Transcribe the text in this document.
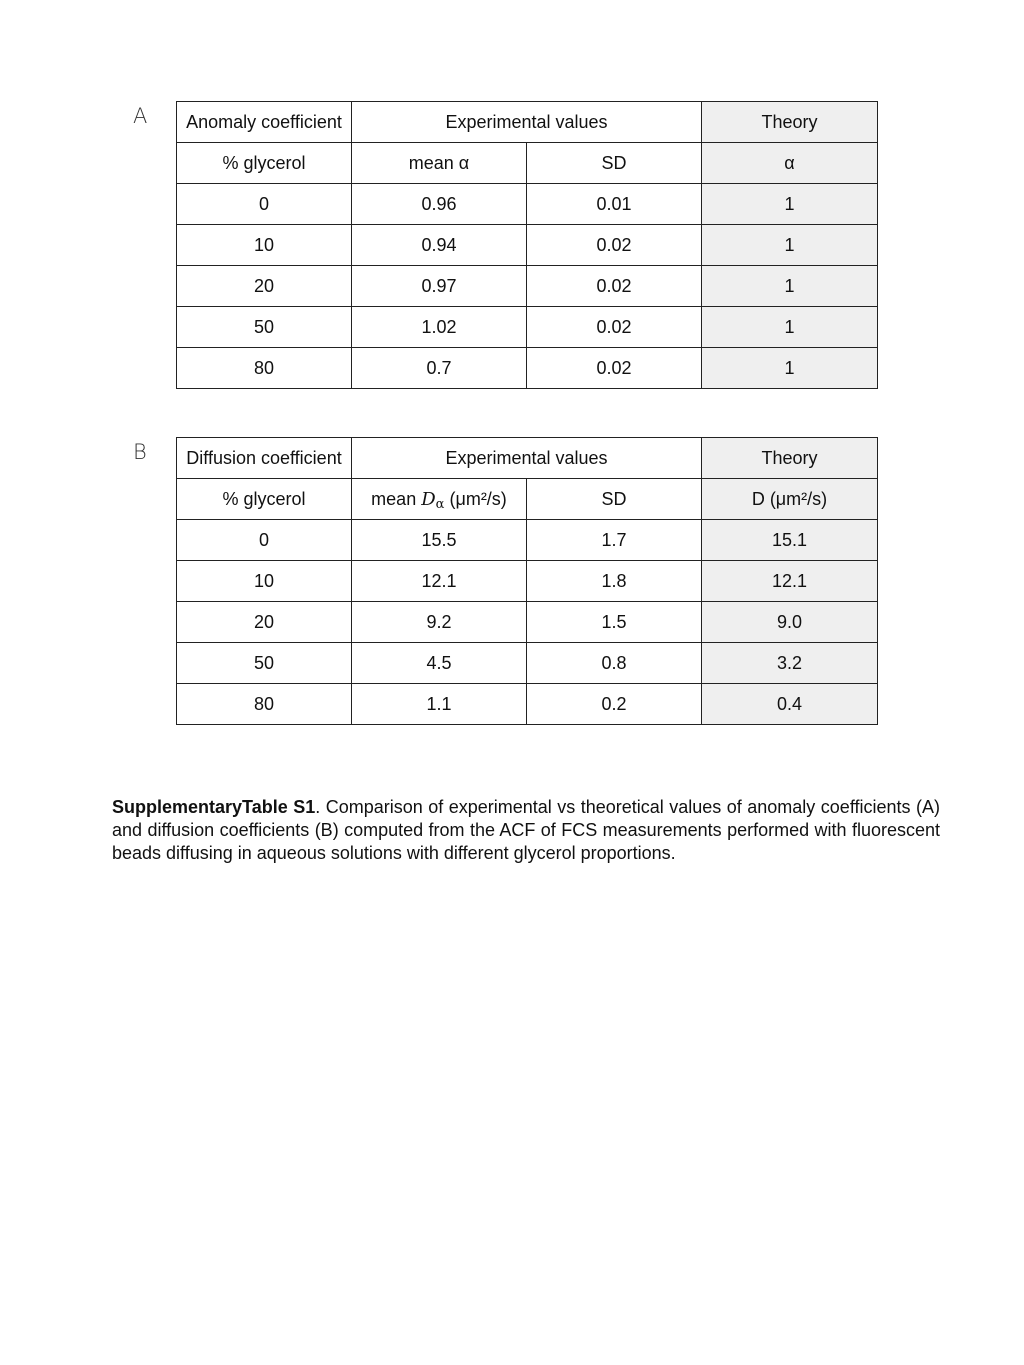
A Anomaly coefficient	Experimental values		Theory
% glycerol	mean α	SD	α
0	0.96	0.01	1
10	0.94	0.02	1
20	0.97	0.02	1
50	1.02	0.02	1
80	0.7	0.02	1
B Diffusion coefficient	Experimental values		Theory
% glycerol	mean Dα (μm²/s)	SD	D (μm²/s)
0	15.5	1.7	15.1
10	12.1	1.8	12.1
20	9.2	1.5	9.0
50	4.5	0.8	3.2
80	1.1	0.2	0.4

SupplementaryTable S1. Comparison of experimental vs theoretical values of anomaly coefficients (A) and diffusion coefficients (B) computed from the ACF of FCS measurements performed with fluorescent beads diffusing in aqueous solutions with different glycerol proportions.
